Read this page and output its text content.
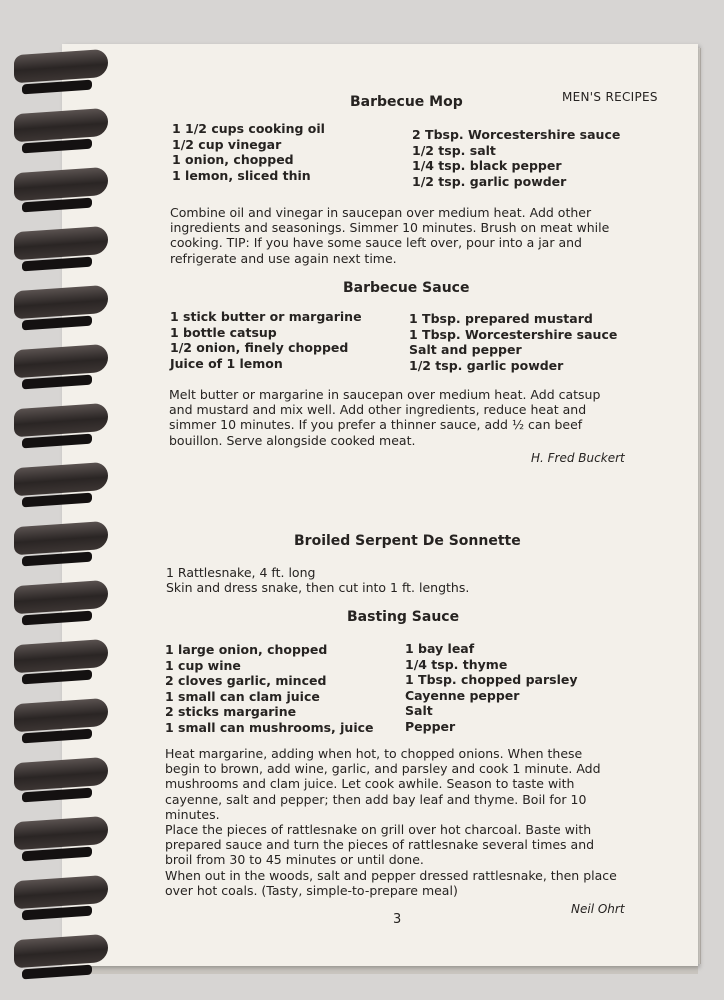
MEN'S RECIPES
Barbecue Mop
1 1/2 cups cooking oil
1/2 cup vinegar
1 onion, chopped
1 lemon, sliced thin
2 Tbsp. Worcestershire sauce
1/2 tsp. salt
1/4 tsp. black pepper
1/2 tsp. garlic powder
Combine oil and vinegar in saucepan over medium heat. Add other
ingredients and seasonings. Simmer 10 minutes. Brush on meat while
cooking. TIP: If you have some sauce left over, pour into a jar and
refrigerate and use again next time.
Barbecue Sauce
1 stick butter or margarine
1 bottle catsup
1/2 onion, finely chopped
Juice of 1 lemon
1 Tbsp. prepared mustard
1 Tbsp. Worcestershire sauce
Salt and pepper
1/2 tsp. garlic powder
Melt butter or margarine in saucepan over medium heat. Add catsup
and mustard and mix well. Add other ingredients, reduce heat and
simmer 10 minutes. If you prefer a thinner sauce, add ½ can beef
bouillon. Serve alongside cooked meat.
H. Fred Buckert
Broiled Serpent De Sonnette
1 Rattlesnake, 4 ft. long
Skin and dress snake, then cut into 1 ft. lengths.
Basting Sauce
1 large onion, chopped
1 cup wine
2 cloves garlic, minced
1 small can clam juice
2 sticks margarine
1 small can mushrooms, juice
1 bay leaf
1/4 tsp. thyme
1 Tbsp. chopped parsley
Cayenne pepper
Salt
Pepper
Heat margarine, adding when hot, to chopped onions. When these
begin to brown, add wine, garlic, and parsley and cook 1 minute. Add
mushrooms and clam juice. Let cook awhile. Season to taste with
cayenne, salt and pepper; then add bay leaf and thyme. Boil for 10
minutes.
Place the pieces of rattlesnake on grill over hot charcoal. Baste with
prepared sauce and turn the pieces of rattlesnake several times and
broil from 30 to 45 minutes or until done.
When out in the woods, salt and pepper dressed rattlesnake, then place
over hot coals. (Tasty, simple-to-prepare meal)
Neil Ohrt
3
